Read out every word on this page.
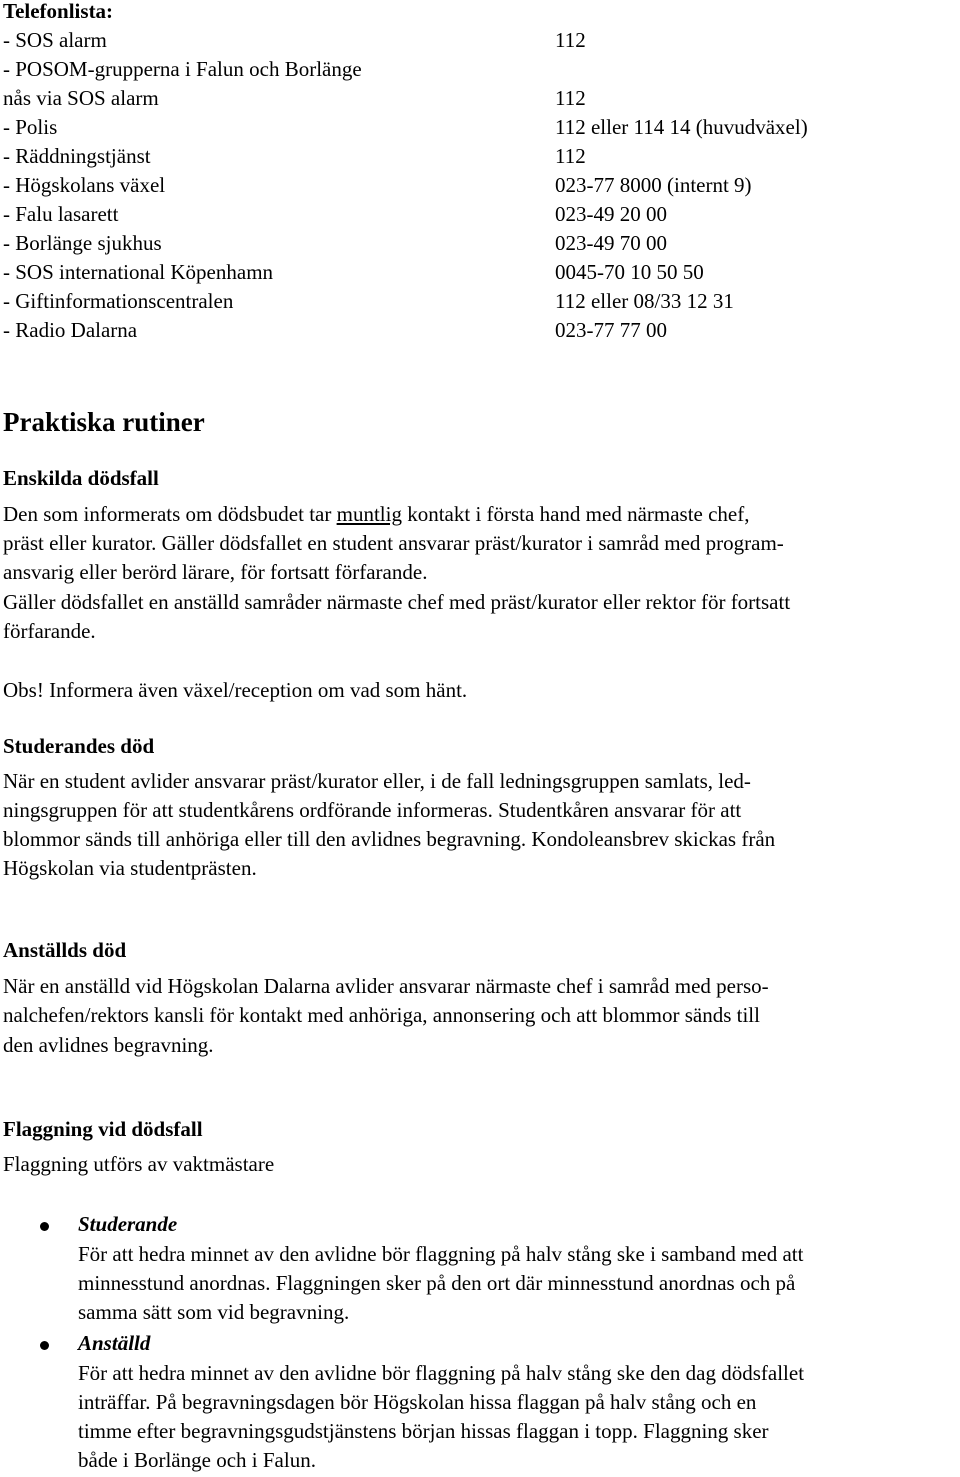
Telefonlista:
- SOS alarm	112
- POSOM-grupperna i Falun och Borlänge
nås via SOS alarm	112
- Polis	112 eller 114 14 (huvudväxel)
- Räddningstjänst	112
- Högskolans växel	023-77 8000 (internt 9)
- Falu lasarett	023-49 20 00
- Borlänge sjukhus	023-49 70 00
- SOS international Köpenhamn	0045-70 10 50 50
- Giftinformationscentralen	112 eller 08/33 12 31
- Radio Dalarna	023-77 77 00
Praktiska rutiner
Enskilda dödsfall
Den som informerats om dödsbudet tar muntlig kontakt i första hand med närmaste chef,
präst eller kurator. Gäller dödsfallet en student ansvarar präst/kurator i samråd med program-
ansvarig eller berörd lärare, för fortsatt förfarande.
Gäller dödsfallet en anställd samråder närmaste chef med präst/kurator eller rektor för fortsatt
förfarande.
Obs! Informera även växel/reception om vad som hänt.
Studerandes död
När en student avlider ansvarar präst/kurator eller, i de fall ledningsgruppen samlats, led-
ningsgruppen för att studentkårens ordförande informeras. Studentkåren ansvarar för att
blommor sänds till anhöriga eller till den avlidnes begravning. Kondoleansbrev skickas från
Högskolan via studentprästen.
Anställds död
När en anställd vid Högskolan Dalarna avlider ansvarar närmaste chef i samråd med perso-
nalchefen/rektors kansli för kontakt med anhöriga, annonsering och att blommor sänds till
den avlidnes begravning.
Flaggning vid dödsfall
Flaggning utförs av vaktmästare
Studerande
För att hedra minnet av den avlidne bör flaggning på halv stång ske i samband med att
minnesstund anordnas. Flaggningen sker på den ort där minnesstund anordnas och på
samma sätt som vid begravning.
Anställd
För att hedra minnet av den avlidne bör flaggning på halv stång ske den dag dödsfallet
inträffar. På begravningsdagen bör Högskolan hissa flaggan på halv stång och en
timme efter begravningsgudstjänstens början hissas flaggan i topp. Flaggning sker
både i Borlänge och i Falun.
